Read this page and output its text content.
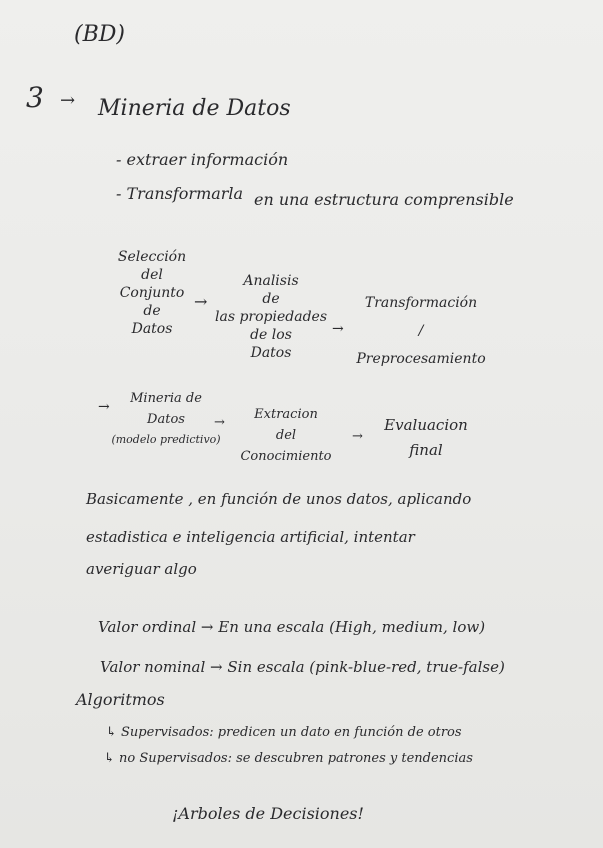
(BD)
3 → Mineria de Datos
- extraer información
- Transformarla en una estructura comprensible
Selección
del
Conjunto
de
Datos
→
Analisis
de
las propiedades
de los
Datos
→
Transformación
/
Preprocesamiento
→
Mineria de
Datos
(modelo predictivo)
→
Extracion
del
Conocimiento
→
Evaluacion
final
Basicamente , en función de unos datos, aplicando
estadistica e inteligencia artificial, intentar
averiguar algo
Valor ordinal → En una escala (High, medium, low)
Valor nominal → Sin escala (pink-blue-red, true-false)
Algoritmos
↳ Supervisados: predicen un dato en función de otros
↳ no Supervisados: se descubren patrones y tendencias
¡Arboles de Decisiones!
